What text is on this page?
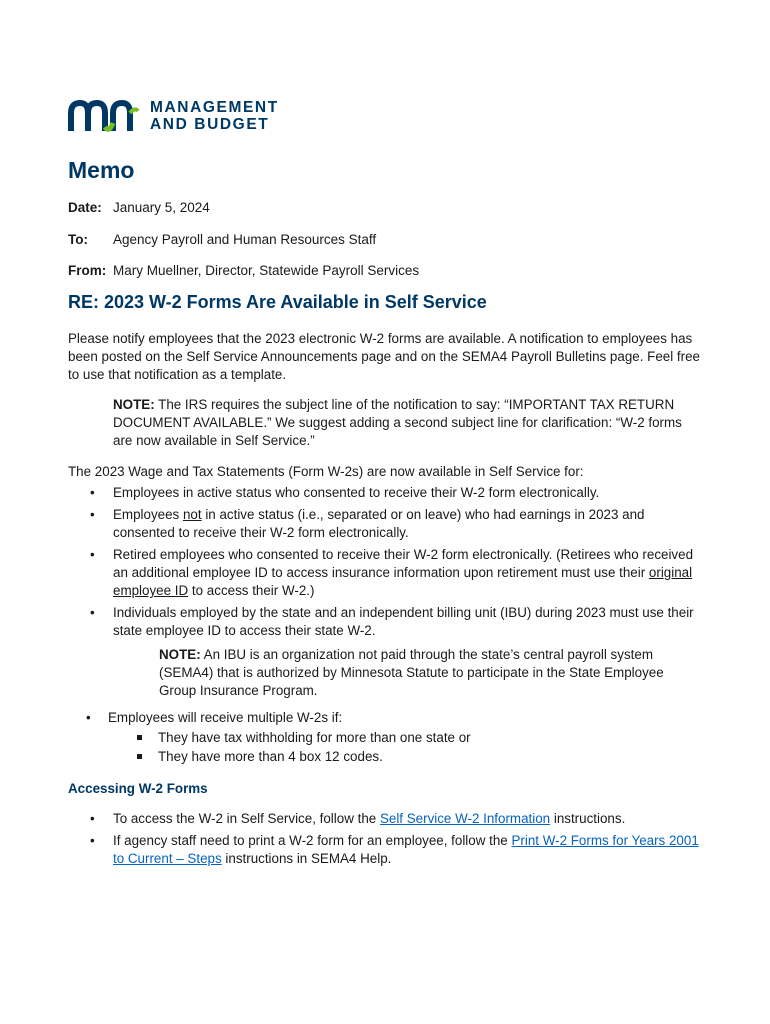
MANAGEMENT
AND BUDGET
Memo
Date: January 5, 2024
To:	Agency Payroll and Human Resources Staff
From: Mary Muellner, Director, Statewide Payroll Services
RE: 2023 W-2 Forms Are Available in Self Service

Please notify employees that the 2023 electronic W-2 forms are available. A notification to employees has been posted on the Self Service Announcements page and on the SEMA4 Payroll Bulletins page. Feel free to use that notification as a template.

NOTE: The IRS requires the subject line of the notification to say: “IMPORTANT TAX RETURN DOCUMENT AVAILABLE.” We suggest adding a second subject line for clarification: “W-2 forms are now available in Self Service.”

The 2023 Wage and Tax Statements (Form W-2s) are now available in Self Service for:

• Employees in active status who consented to receive their W-2 form electronically.
• Employees not in active status (i.e., separated or on leave) who had earnings in 2023 and consented to receive their W-2 form electronically.
• Retired employees who consented to receive their W-2 form electronically. (Retirees who received an additional employee ID to access insurance information upon retirement must use their original employee ID to access their W-2.)
• Individuals employed by the state and an independent billing unit (IBU) during 2023 must use their state employee ID to access their state W-2.

NOTE: An IBU is an organization not paid through the state’s central payroll system (SEMA4) that is authorized by Minnesota Statute to participate in the State Employee Group Insurance Program.

• Employees will receive multiple W-2s if:
They have tax withholding for more than one state or
They have more than 4 box 12 codes.
Accessing W-2 Forms
• To access the W-2 in Self Service, follow the Self Service W-2 Information instructions.
• If agency staff need to print a W-2 form for an employee, follow the Print W-2 Forms for Years 2001 to Current – Steps instructions in SEMA4 Help.
